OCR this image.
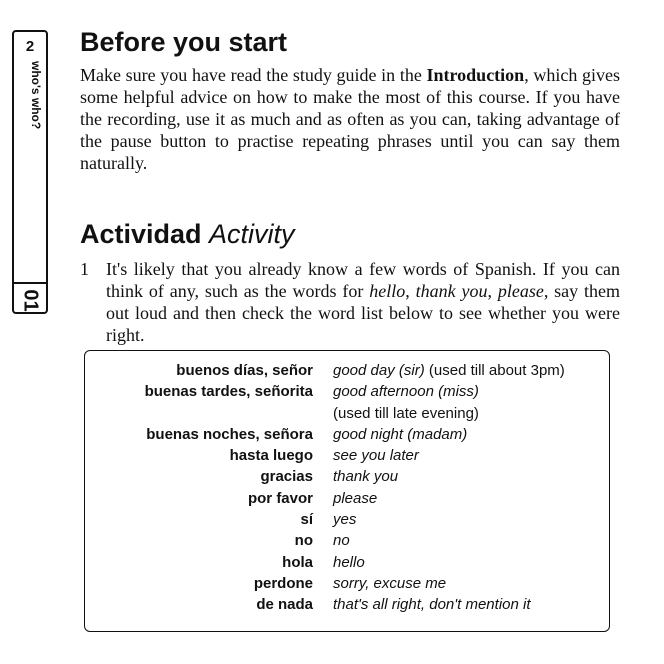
2
who's who?
01
Before you start

Make sure you have read the study guide in the Introduction, which gives some helpful advice on how to make the most of this course. If you have the recording, use it as much and as often as you can, taking advantage of the pause button to practise repeating phrases until you can say them naturally.

Actividad Activity
1 It's likely that you already know a few words of Spanish. If you can think of any, such as the words for hello, thank you, please, say them out loud and then check the word list below to see whether you were right.
buenos días, señor	good day (sir) (used till about 3pm)
buenas tardes, señorita	good afternoon (miss)
	(used till late evening)
buenas noches, señora	good night (madam)
hasta luego	see you later
gracias	thank you
por favor	please
sí	yes
no	no
hola	hello
perdone	sorry, excuse me
de nada	that's all right, don't mention it
